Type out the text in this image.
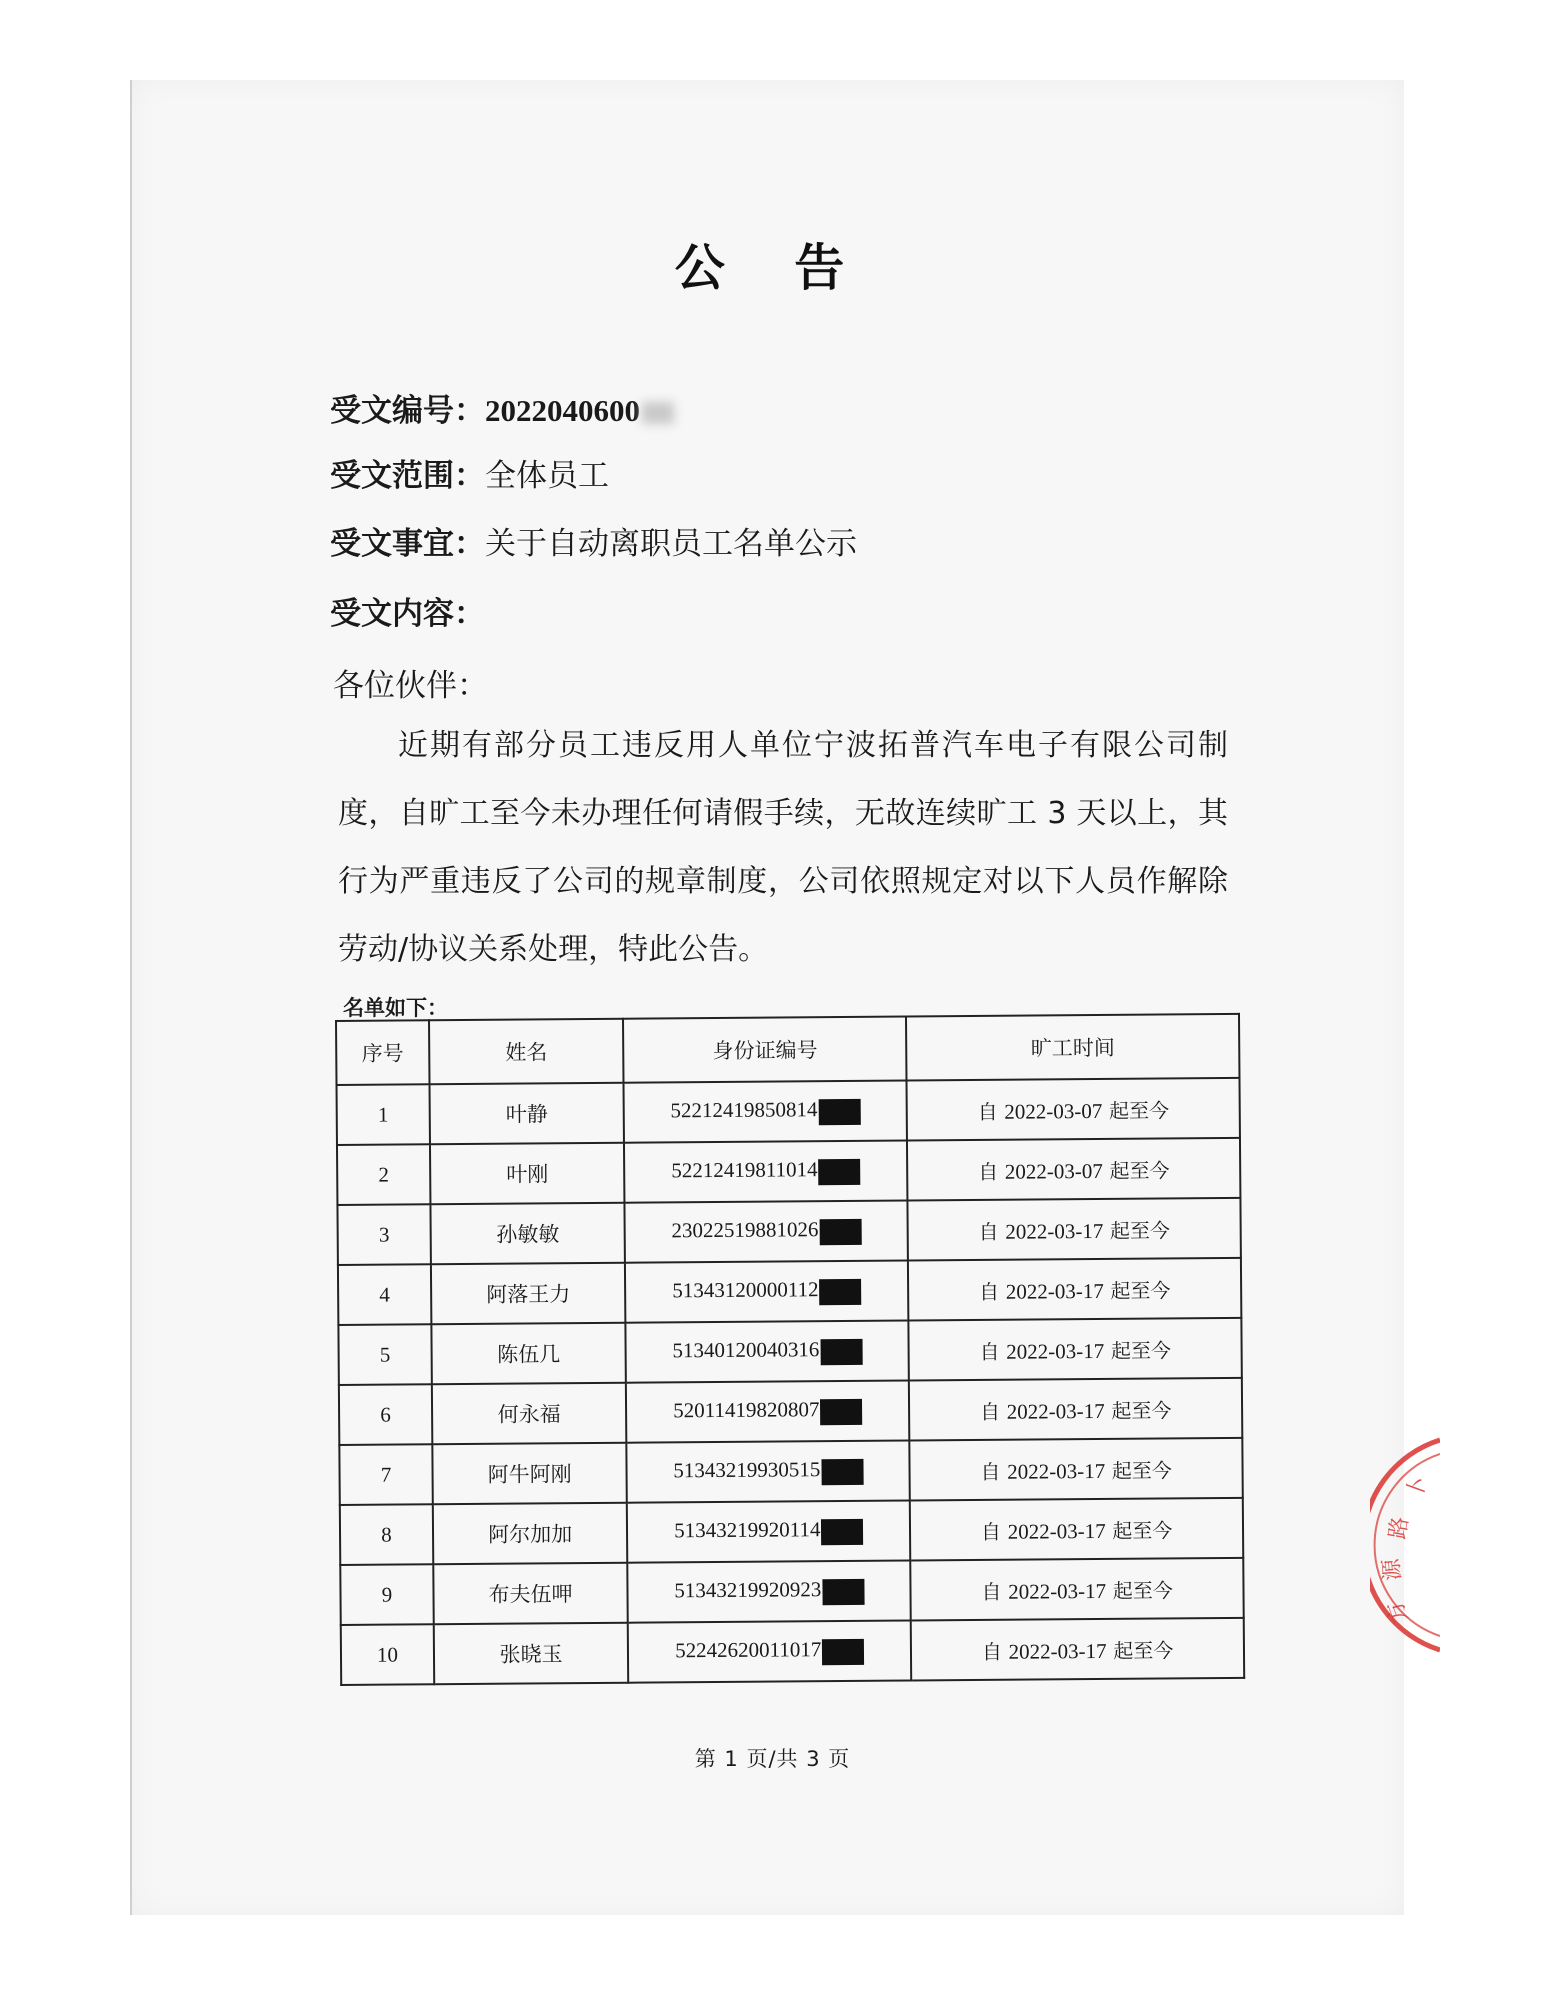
公 告
受文编号：2022040600
受文范围：全体员工
受文事宜：关于自动离职员工名单公示
受文内容：
各位伙伴：
近期有部分员工违反用人单位宁波拓普汽车电子有限公司制度，自旷工至今未办理任何请假手续，无故连续旷工 3 天以上，其行为严重违反了公司的规章制度，公司依照规定对以下人员作解除劳动/协议关系处理，特此公告。
名单如下：
序号	姓名	身份证编号	旷工时间
1	叶静	52212419850814	自 2022-03-07 起至今
2	叶刚	52212419811014	自 2022-03-07 起至今
3	孙敏敏	23022519881026	自 2022-03-17 起至今
4	阿落王力	51343120000112	自 2022-03-17 起至今
5	陈伍几	51340120040316	自 2022-03-17 起至今
6	何永福	52011419820807	自 2022-03-17 起至今
7	阿牛阿刚	51343219930515	自 2022-03-17 起至今
8	阿尔加加	51343219920114	自 2022-03-17 起至今
9	布夫伍呷	51343219920923	自 2022-03-17 起至今
10	张晓玉	52242620011017	自 2022-03-17 起至今
第 1 页/共 3 页
卜
路
源
方
